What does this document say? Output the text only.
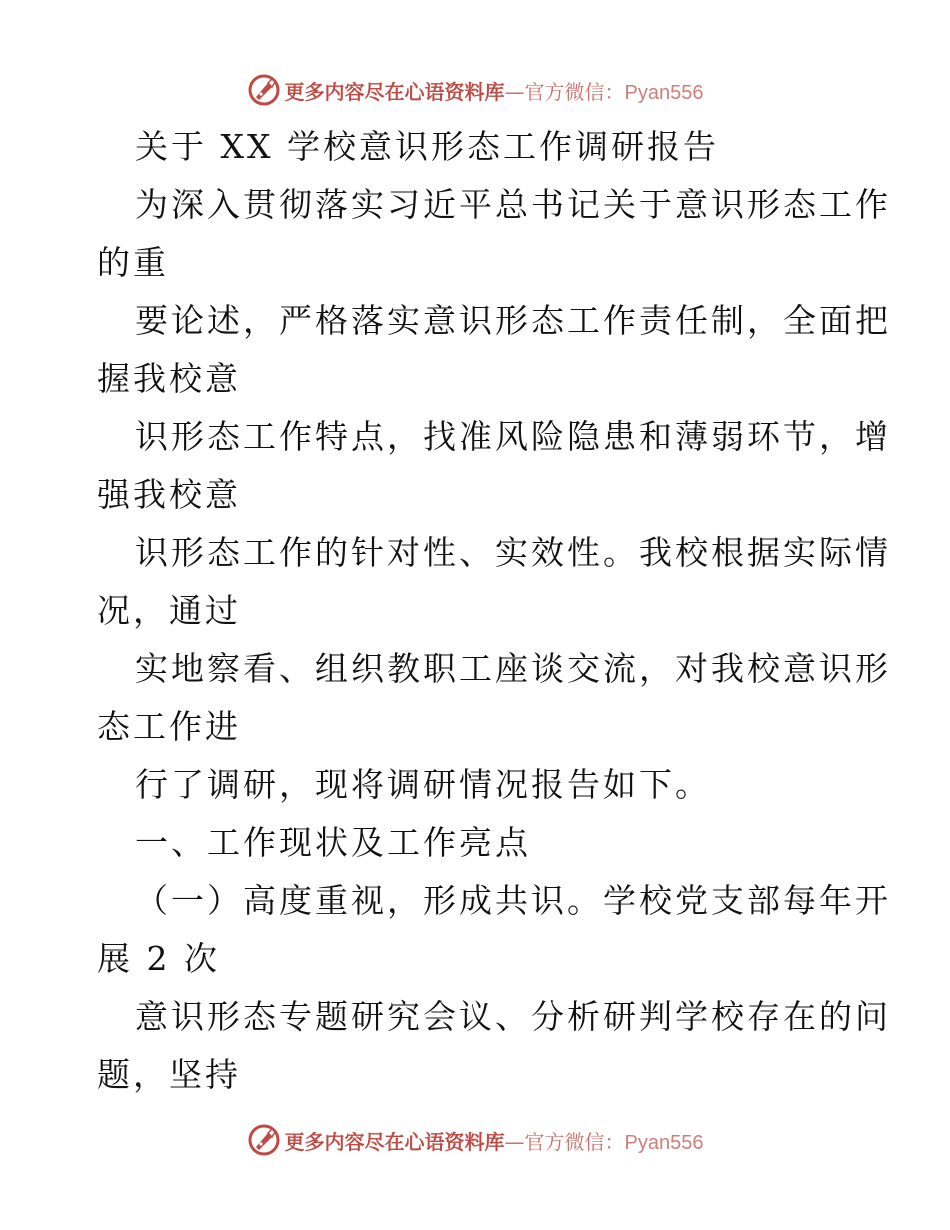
更多内容尽在心语资料库—官方微信：Pyan556
关于 XX 学校意识形态工作调研报告
为深入贯彻落实习近平总书记关于意识形态工作
的重
要论述，严格落实意识形态工作责任制，全面把
握我校意
识形态工作特点，找准风险隐患和薄弱环节，增
强我校意
识形态工作的针对性、实效性。我校根据实际情
况，通过
实地察看、组织教职工座谈交流，对我校意识形
态工作进
行了调研，现将调研情况报告如下。
一、工作现状及工作亮点
（一）高度重视，形成共识。学校党支部每年开
展 2 次
意识形态专题研究会议、分析研判学校存在的问
题，坚持
更多内容尽在心语资料库—官方微信：Pyan556
